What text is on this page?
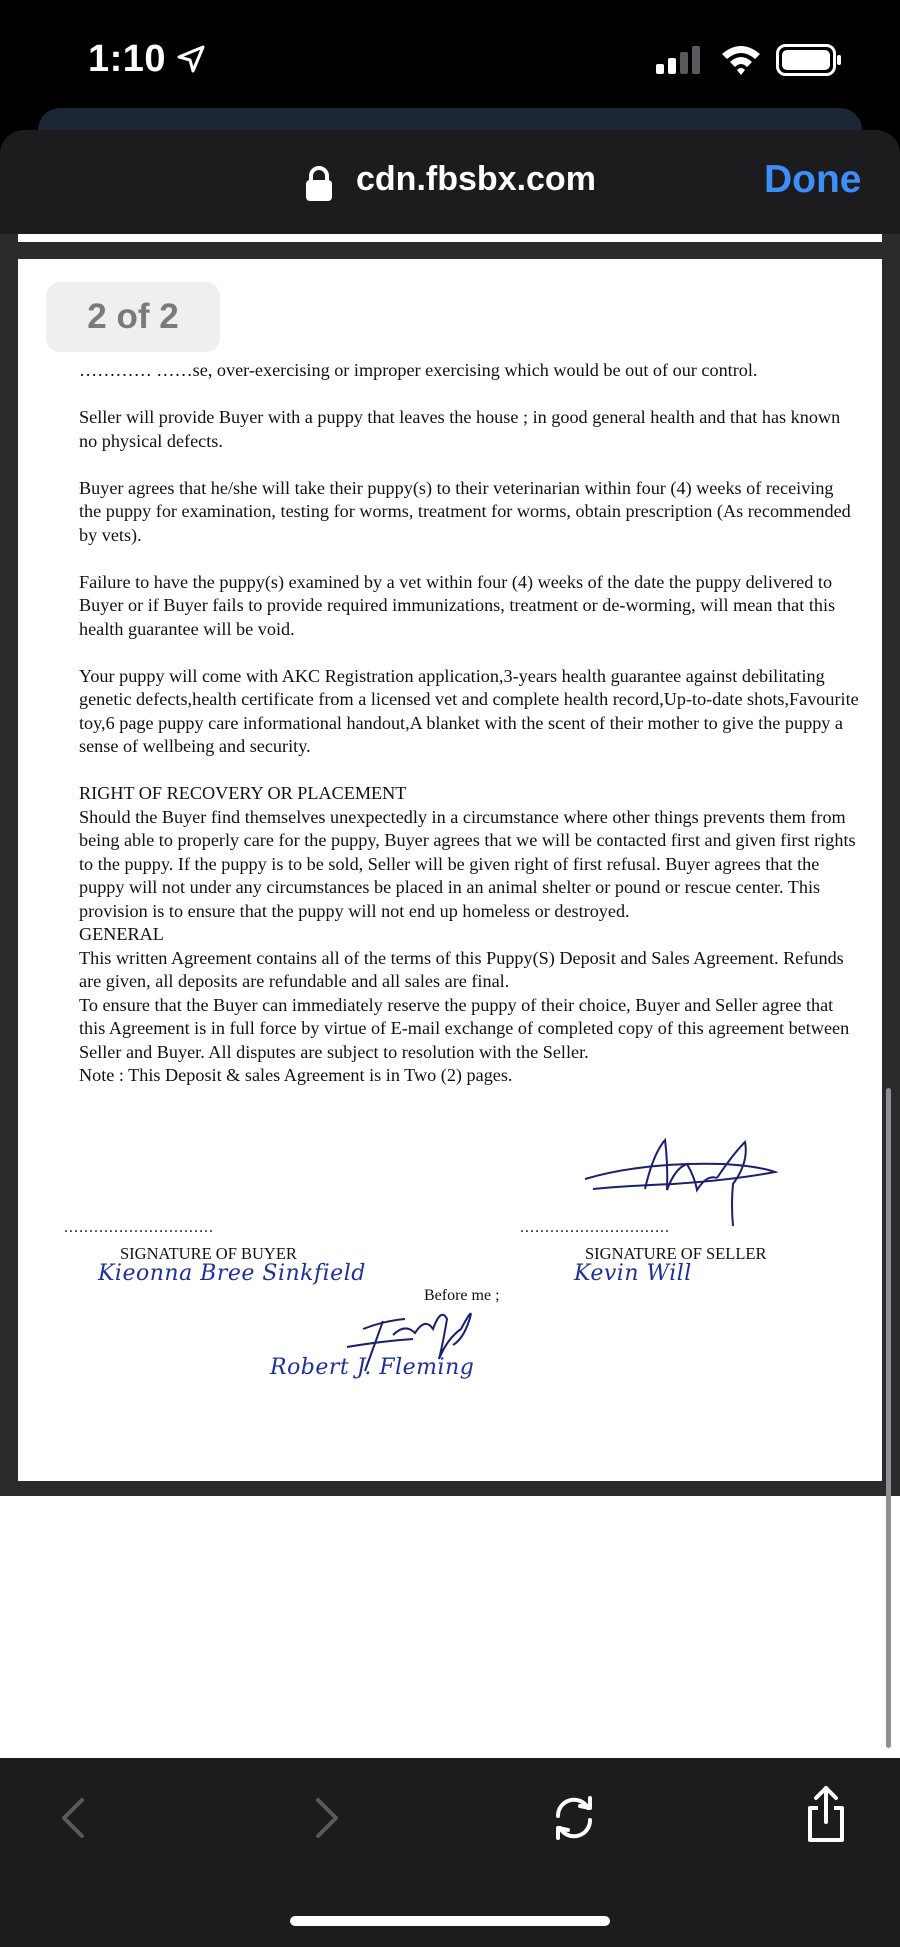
1:10
cdn.fbsbx.com	Done

………… ……se, over-exercising or improper exercising which would be out of our control.

Seller will provide Buyer with a puppy that leaves the house ; in good general health and that has known no physical defects.

Buyer agrees that he/she will take their puppy(s) to their veterinarian within four (4) weeks of receiving the puppy for examination, testing for worms, treatment for worms, obtain prescription (As recommended by vets).

Failure to have the puppy(s) examined by a vet within four (4) weeks of the date the puppy delivered to Buyer or if Buyer fails to provide required immunizations, treatment or de-worming, will mean that this health guarantee will be void.

Your puppy will come with AKC Registration application,3-years health guarantee against debilitating genetic defects,health certificate from a licensed vet and complete health record,Up-to-date shots,Favourite toy,6 page puppy care informational handout,A blanket with the scent of their mother to give the puppy a sense of wellbeing and security.

RIGHT OF RECOVERY OR PLACEMENT
Should the Buyer find themselves unexpectedly in a circumstance where other things prevents them from being able to properly care for the puppy, Buyer agrees that we will be contacted first and given first rights to the puppy. If the puppy is to be sold, Seller will be given right of first refusal. Buyer agrees that the puppy will not under any circumstances be placed in an animal shelter or pound or rescue center. This provision is to ensure that the puppy will not end up homeless or destroyed.
GENERAL
This written Agreement contains all of the terms of this Puppy(S) Deposit and Sales Agreement. Refunds are given, all deposits are refundable and all sales are final.
To ensure that the Buyer can immediately reserve the puppy of their choice, Buyer and Seller agree that this Agreement is in full force by virtue of E-mail exchange of completed copy of this agreement between Seller and Buyer. All disputes are subject to resolution with the Seller.
Note : This Deposit & sales Agreement is in Two (2) pages.
..............................	..............................
SIGNATURE OF BUYER	SIGNATURE OF SELLER
Kieonna Bree Sinkfield	Kevin Will
Before me ;
Robert J. Fleming
2 of 2
